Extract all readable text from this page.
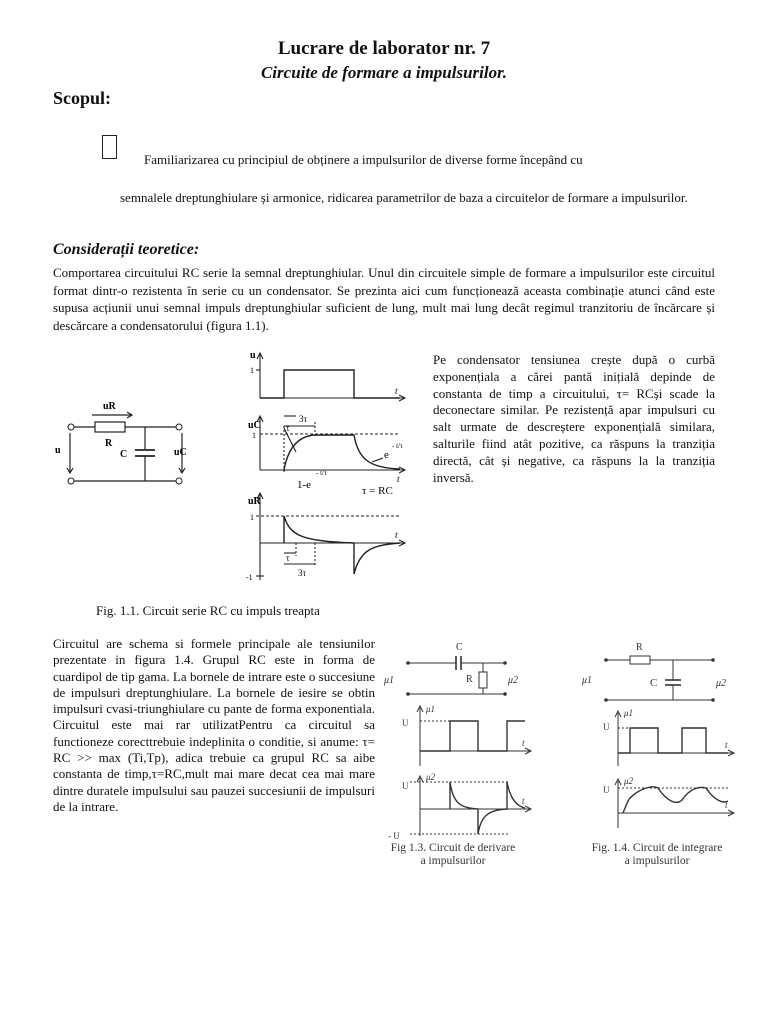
Lucrare de laborator nr. 7
Circuite de formare a impulsurilor.
Scopul:
Familiarizarea cu principiul de obținere a impulsurilor de diverse forme începând cu
semnalele dreptunghiulare și armonice, ridicarea parametrilor de baza a circuitelor de formare a impulsurilor.
Considerații teoretice:
Comportarea circuitului RC serie la semnal dreptunghiular. Unul din circuitele simple de formare a impulsurilor este circuitul format dintr-o rezistenta în serie cu un condensator. Se prezinta aici cum funcționează aceasta combinație atunci când este supusa acțiunii unui semnal impuls dreptunghiular suficient de lung, mult mai lung decât regimul tranzitoriu de încărcare și descărcare a condensatorului (figura 1.1).
Pe condensator tensiunea crește după o curbă exponențiala a cărei pantă inițială depinde de constanta de timp a circuitului, τ= RCși scade la deconectare similar. Pe rezistență apar impulsuri cu salt urmate de descreștere exponențială similara, salturile fiind atât pozitive, ca răspuns la tranziția directă, cât și negative, ca răspuns la la tranziția inversă.
uR
R
C
u	uC
u
1
t
uC
1
t
3τ
τ
e
- t/τ
1-e
- t/τ
τ = RC
uR
1
t
-1
τ
3τ
Fig. 1.1. Circuit serie RC cu impuls treapta
Circuitul are schema si formele principale ale tensiunilor prezentate in figura 1.4. Grupul RC este in forma de cuardipol de tip gama. La bornele de intrare este o succesiune de impulsuri dreptunghiulare. La bornele de iesire se obtin impulsuri cvasi-triunghiulare cu pante de forma exponentiala. Circuitul este mai rar utilizatPentru ca circuitul sa functioneze corecttrebuie indeplinita o conditie, si anume: τ= RC >> max (Ti,Tp), adica trebuie ca grupul RC sa aibe constanta de timp,τ=RC,mult mai mare decat cea mai mare dintre duratele impulsului sau pauzei succesiunii de impulsuri de la intrare.
C
R
μ1	μ2
U
μ1
t
U
μ2
t
- U
Fig 1.3. Circuit de derivare
a impulsurilor
R
C
μ1	μ2
U
μ1
t
U
μ2
t
Fig. 1.4. Circuit de integrare
a impulsurilor
